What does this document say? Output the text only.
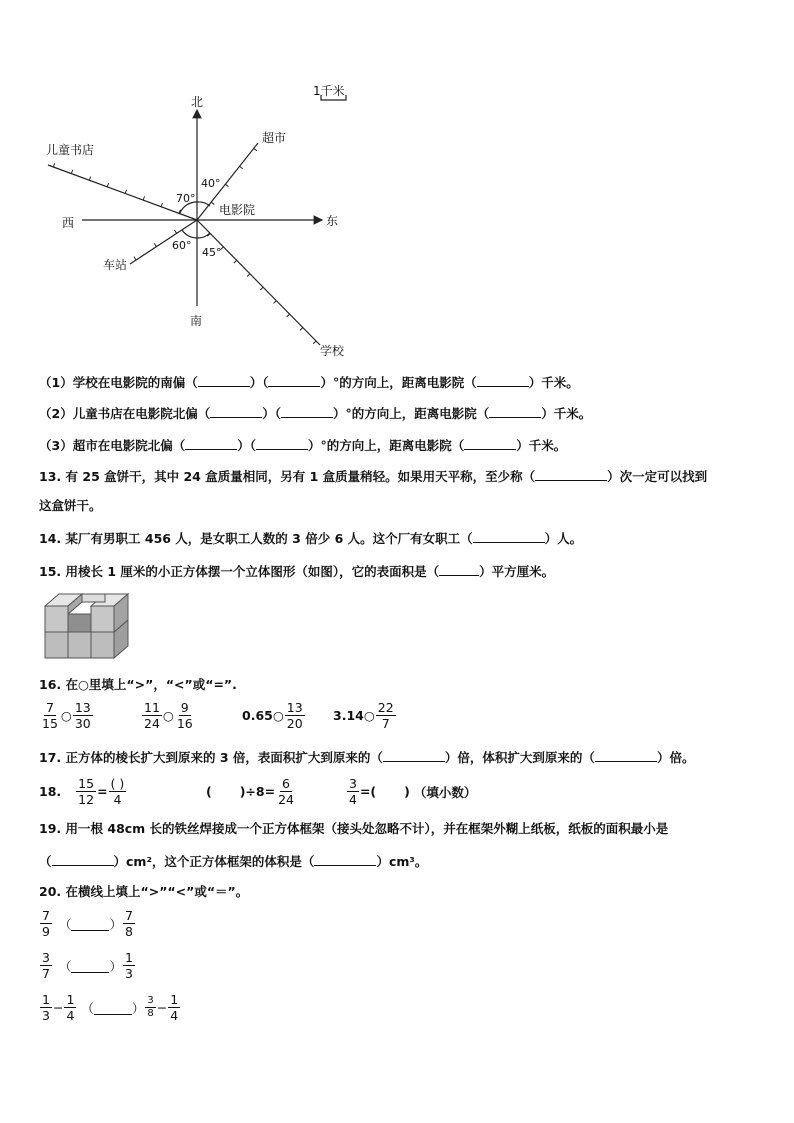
北
南
东
西
1千米
儿童书店
超市
电影院
车站
学校
40°
70°
60°
45°
（1）学校在电影院的南偏（	）（	）°的方向上，距离电影院（	）千米。
（2）儿童书店在电影院北偏（	）（	）°的方向上，距离电影院（	）千米。
（3）超市在电影院北偏（	）（	）°的方向上，距离电影院（	）千米。
13. 有 25 盒饼干，其中 24 盒质量相同，另有 1 盒质量稍轻。如果用天平称，至少称（	）次一定可以找到
这盒饼干。
14. 某厂有男职工 456 人，是女职工人数的 3 倍少 6 人。这个厂有女职工（	）人。
15. 用棱长 1 厘米的小正方体摆一个立体图形（如图），它的表面积是（	）平方厘米。
16. 在○里填上“>”，“<”或“=”.
$\frac{7}{15}$ ○ $\frac{13}{30}$	$\frac{11}{24}$ ○ $\frac{9}{16}$	0.65 ○ $\frac{13}{20} 3.14$ ○ $\frac{22}{7}$
17. 正方体的棱长扩大到原来的 3 倍，表面积扩大到原来的（	）倍，体积扩大到原来的（	）倍。
18. $\frac{15}{12} = \frac{( )}{4}$	( )$\div 8= \frac{6}{24}$	$\frac{3}{4}$ =( ) （填小数）
19. 用一根 48cm 长的铁丝焊接成一个正方体框架（接头处忽略不计），并在框架外糊上纸板，纸板的面积最小是
（	）cm²，这个正方体框架的体积是（	）cm³。
20. 在横线上填上“>”“<”或“＝”。
$\frac{7}{9}$ （	） $\frac{7}{8}$
$\frac{3}{7}$ （	） $\frac{1}{3}$
$\frac{1}{3} - \frac{1}{4}$ （	） $\frac{3}{8} - \frac{1}{4}$
